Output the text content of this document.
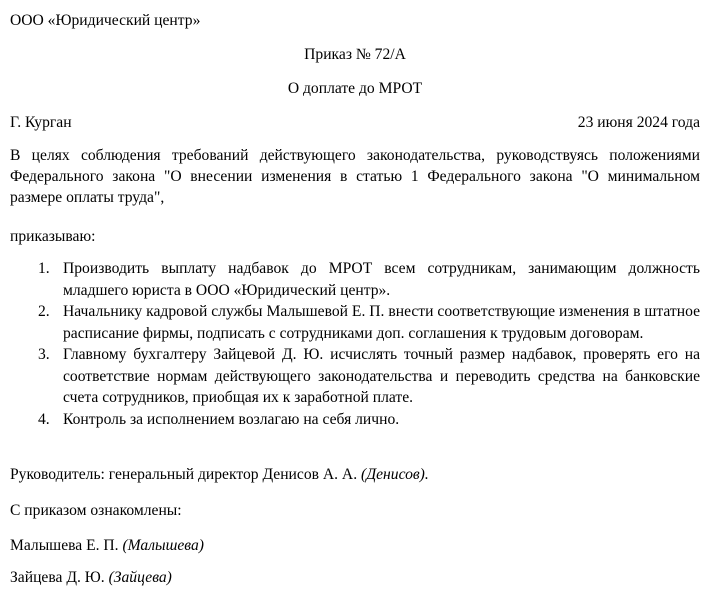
ООО «Юридический центр»
Приказ № 72/А
О доплате до МРОТ
Г. Курган	23 июня 2024 года
В целях соблюдения требований действующего законодательства, руководствуясь положениями Федерального закона "О внесении изменения в статью 1 Федерального закона "О минимальном размере оплаты труда",
приказываю:
1. Производить выплату надбавок до МРОТ всем сотрудникам, занимающим должность младшего юриста в ООО «Юридический центр».
2. Начальнику кадровой службы Малышевой Е. П. внести соответствующие изменения в штатное расписание фирмы, подписать с сотрудниками доп. соглашения к трудовым договорам.
3. Главному бухгалтеру Зайцевой Д. Ю. исчислять точный размер надбавок, проверять его на соответствие нормам действующего законодательства и переводить средства на банковские счета сотрудников, приобщая их к заработной плате.
4. Контроль за исполнением возлагаю на себя лично.
Руководитель: генеральный директор Денисов А. А. (Денисов).
С приказом ознакомлены:
Малышева Е. П. (Малышева)
Зайцева Д. Ю. (Зайцева)
